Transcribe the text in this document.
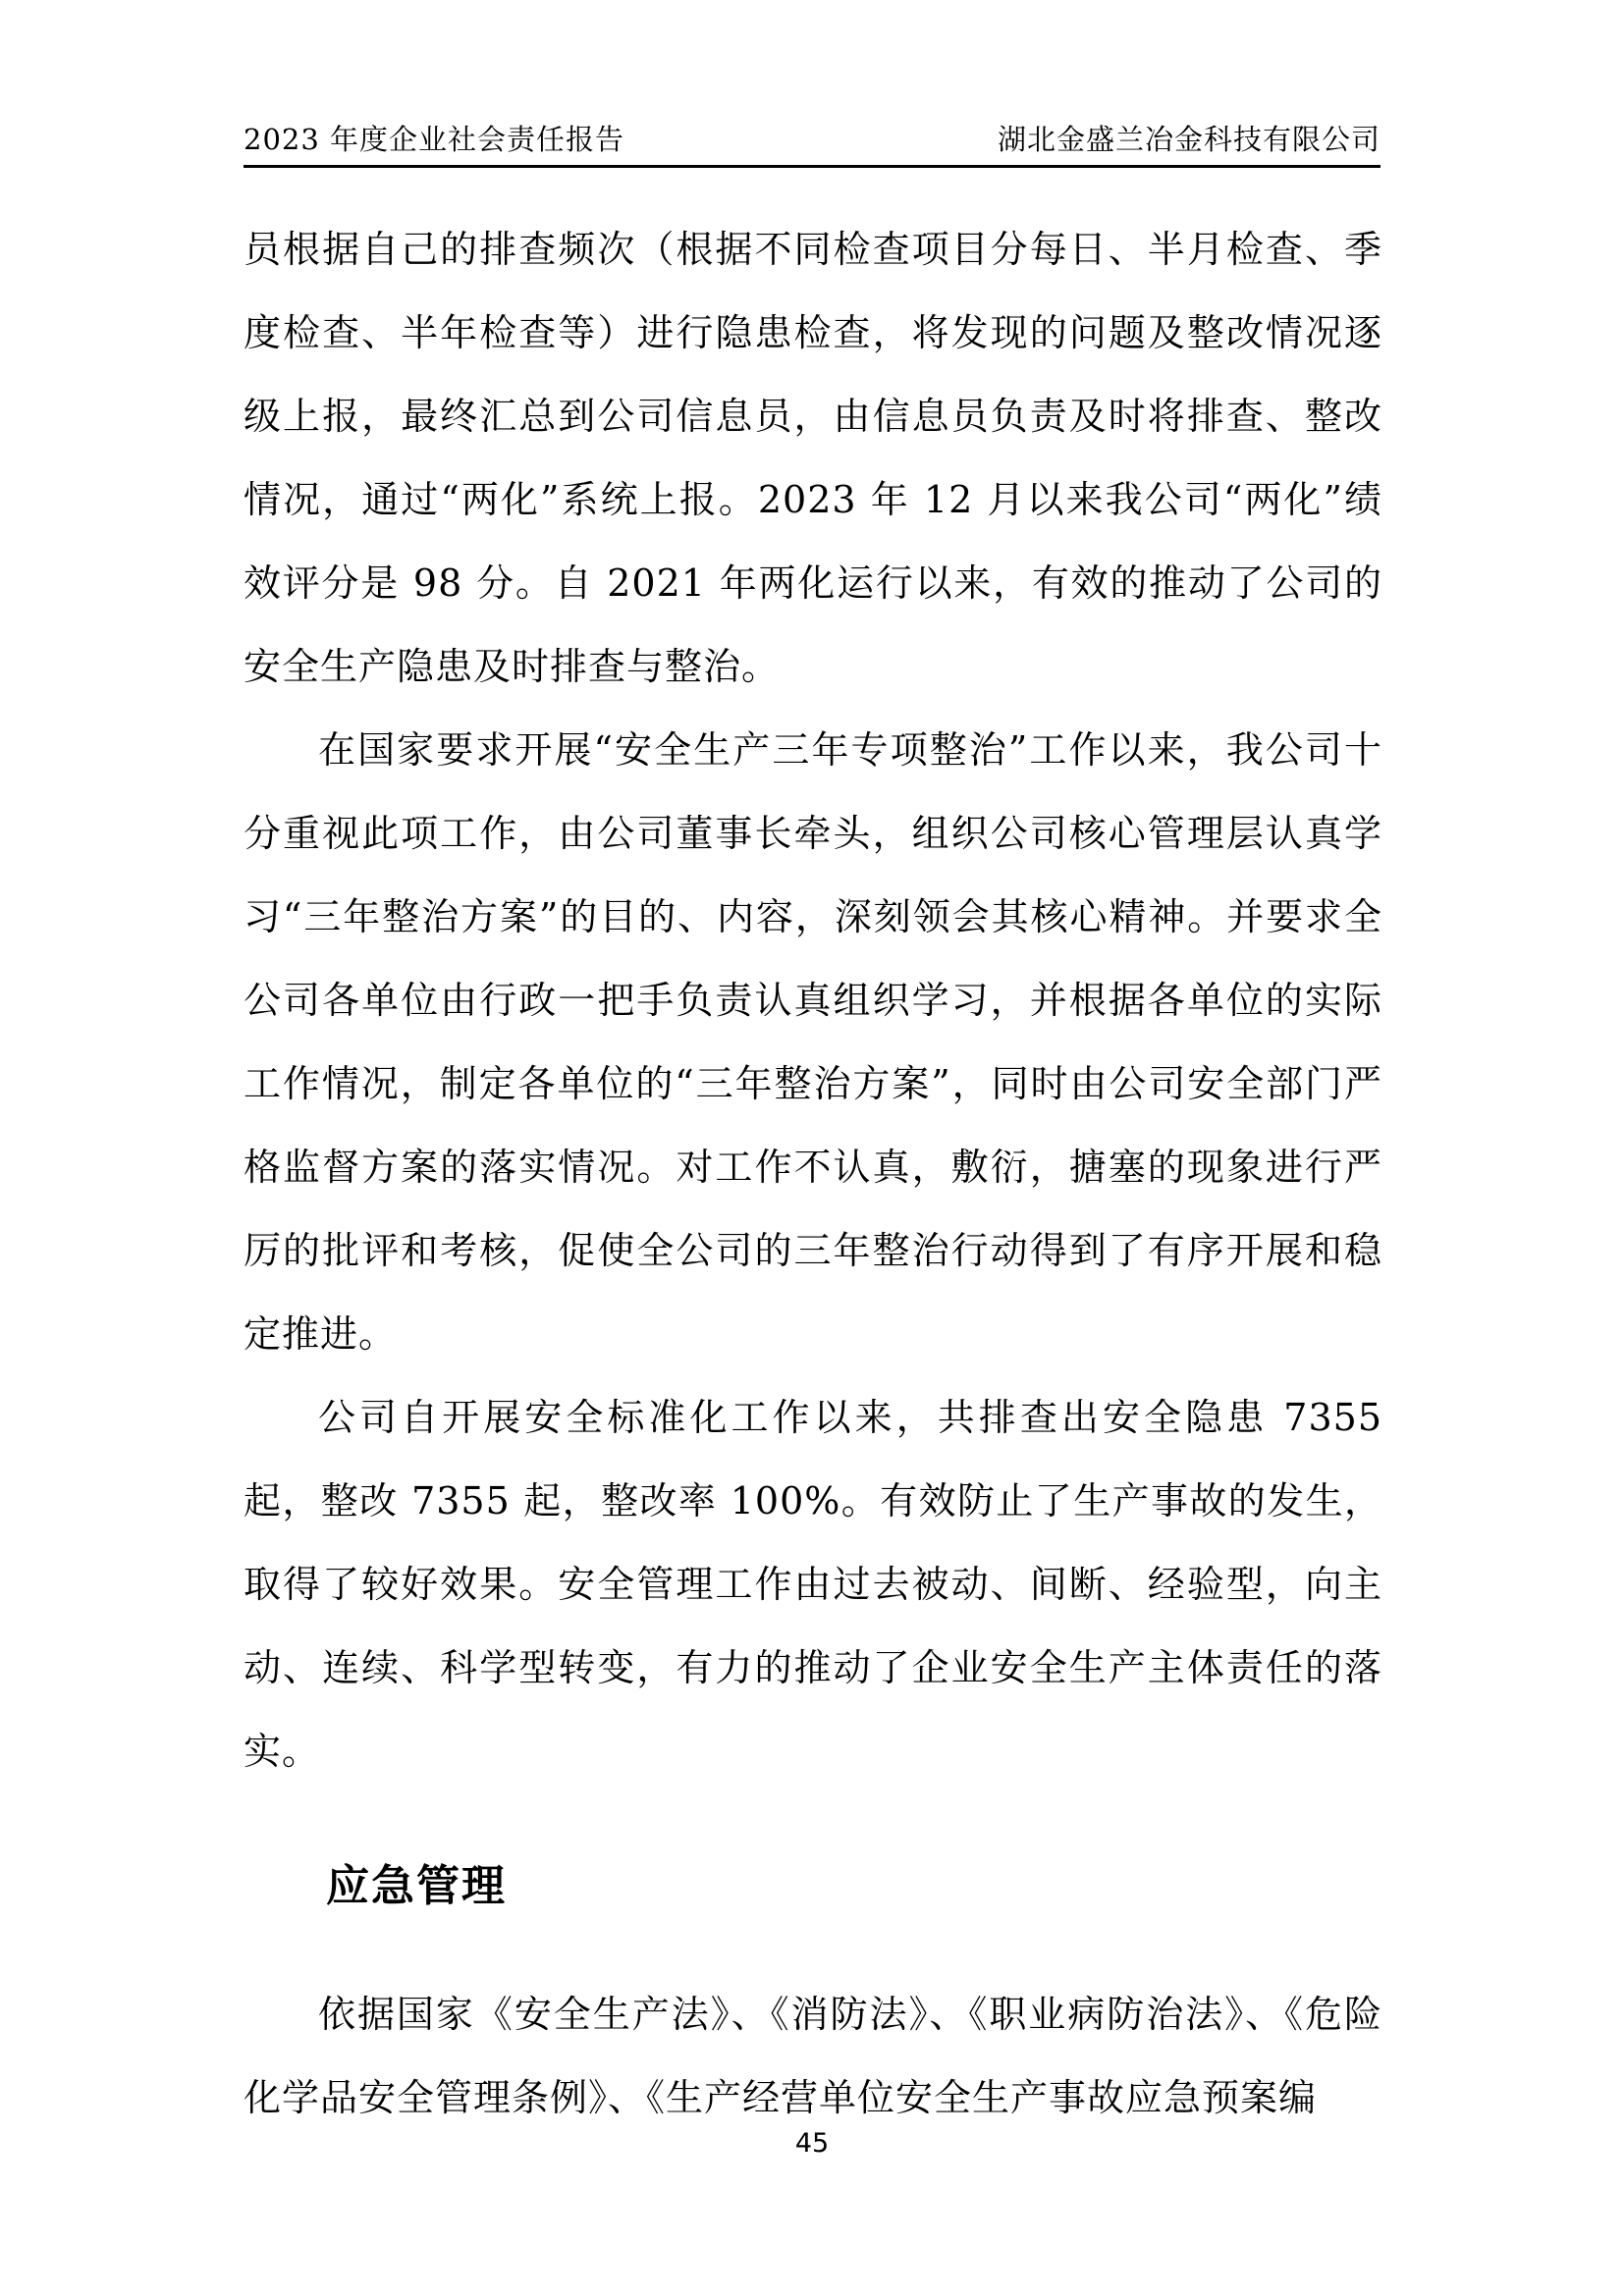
2023 年度企业社会责任报告	湖北金盛兰冶金科技有限公司

员根据自己的排查频次（根据不同检查项目分每日、半月检查、季度检查、半年检查等）进行隐患检查，将发现的问题及整改情况逐级上报，最终汇总到公司信息员，由信息员负责及时将排查、整改情况，通过“两化”系统上报。2023 年 12 月以来我公司“两化”绩效评分是 98 分。自 2021 年两化运行以来，有效的推动了公司的安全生产隐患及时排查与整治。

在国家要求开展“安全生产三年专项整治”工作以来，我公司十分重视此项工作，由公司董事长牵头，组织公司核心管理层认真学习“三年整治方案”的目的、内容，深刻领会其核心精神。并要求全公司各单位由行政一把手负责认真组织学习，并根据各单位的实际工作情况，制定各单位的“三年整治方案”，同时由公司安全部门严格监督方案的落实情况。对工作不认真，敷衍，搪塞的现象进行严厉的批评和考核，促使全公司的三年整治行动得到了有序开展和稳定推进。

公司自开展安全标准化工作以来，共排查出安全隐患 7355 起，整改 7355 起，整改率 100%。有效防止了生产事故的发生，取得了较好效果。安全管理工作由过去被动、间断、经验型，向主动、连续、科学型转变，有力的推动了企业安全生产主体责任的落实。

应急管理

依据国家《安全生产法》、《消防法》、《职业病防治法》、《危险化学品安全管理条例》、《生产经营单位安全生产事故应急预案编

45
